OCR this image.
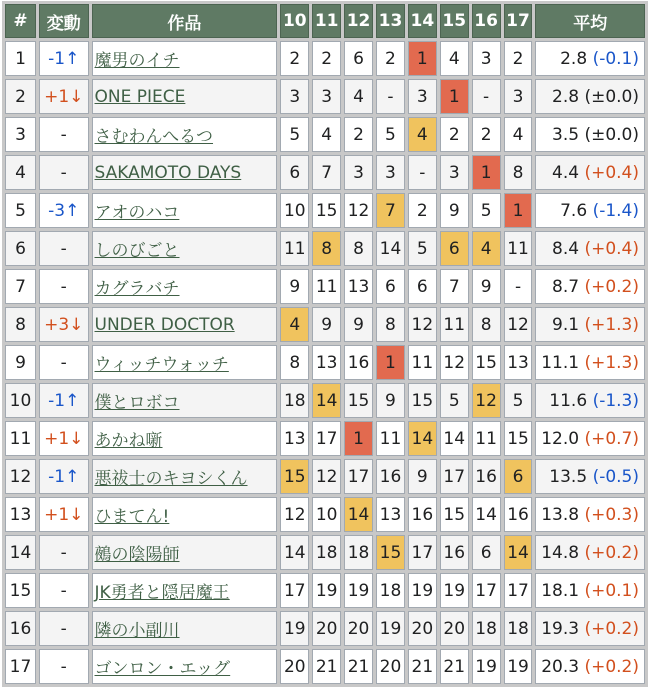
#	変動	作品	10	11	12	13	14	15	16	17	平均
1	-1↑	魔男のイチ	2	2	6	2	1	4	3	2	2.8 (-0.1)
2	+1↓	ONE PIECE	3	3	4	-	3	1	-	3	2.8 (±0.0)
3	-	さむわんへるつ	5	4	2	5	4	2	2	4	3.5 (±0.0)
4	-	SAKAMOTO DAYS	6	7	3	3	-	3	1	8	4.4 (+0.4)
5	-3↑	アオのハコ	10	15	12	7	2	9	5	1	7.6 (-1.4)
6	-	しのびごと	11	8	8	14	5	6	4	11	8.4 (+0.4)
7	-	カグラバチ	9	11	13	6	6	7	9	-	8.7 (+0.2)
8	+3↓	UNDER DOCTOR	4	9	9	8	12	11	8	12	9.1 (+1.3)
9	-	ウィッチウォッチ	8	13	16	1	11	12	15	13	11.1 (+1.3)
10	-1↑	僕とロボコ	18	14	15	9	15	5	12	5	11.6 (-1.3)
11	+1↓	あかね噺	13	17	1	11	14	14	11	15	12.0 (+0.7)
12	-1↑	悪祓士のキヨシくん	15	12	17	16	9	17	16	6	13.5 (-0.5)
13	+1↓	ひまてん!	12	10	14	13	16	15	14	16	13.8 (+0.3)
14	-	鵺の陰陽師	14	18	18	15	17	16	6	14	14.8 (+0.2)
15	-	JK勇者と隠居魔王	17	19	19	18	19	19	17	17	18.1 (+0.1)
16	-	隣の小副川	19	20	20	19	20	20	18	18	19.3 (+0.2)
17	-	ゴンロン・エッグ	20	21	21	20	21	21	19	19	20.3 (+0.2)
